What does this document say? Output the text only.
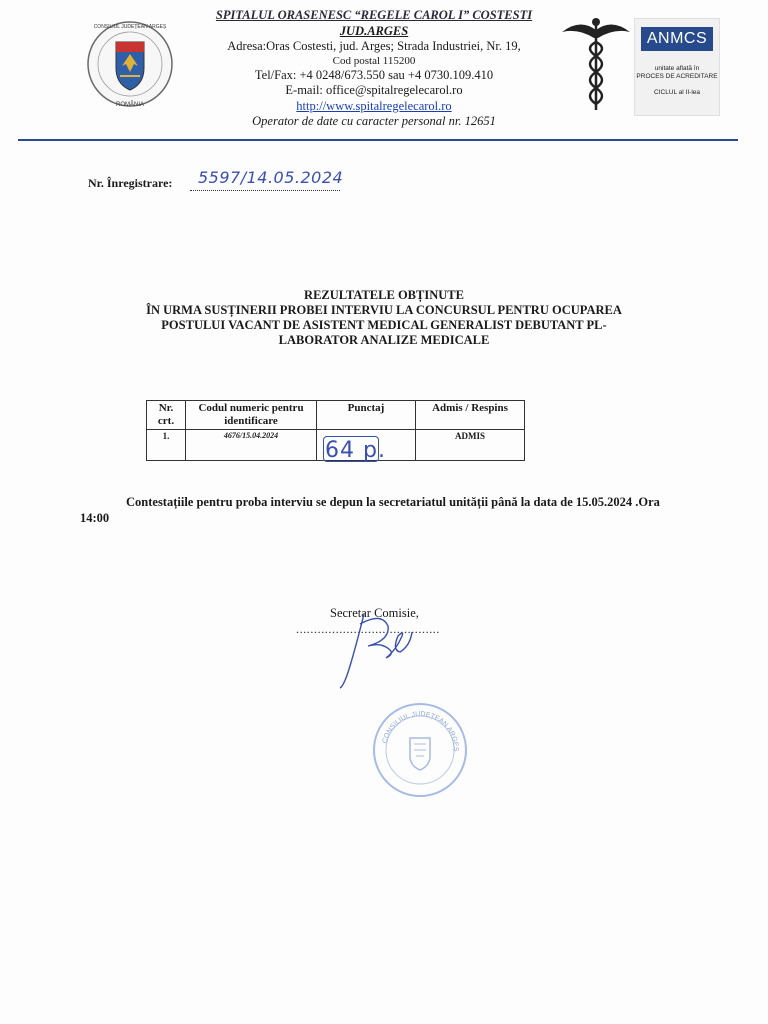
ROMÂNIA
CONSILIUL JUDEȚEAN ARGEȘ
SPITALUL ORASENESC “REGELE CAROL I” COSTESTI
JUD.ARGES
Adresa:Oras Costesti, jud. Arges; Strada Industriei, Nr. 19,
Cod postal 115200
Tel/Fax: +4 0248/673.550 sau +4 0730.109.410
E-mail: office@spitalregelecarol.ro
http://www.spitalregelecarol.ro
Operator de date cu caracter personal nr. 12651
ANMCS
unitate aflată în
PROCES DE ACREDITARE
CICLUL al II-lea
Nr. Înregistrare: 5597/14.05.2024
REZULTATELE OBȚINUTE
ÎN URMA SUSȚINERII PROBEI INTERVIU LA CONCURSUL PENTRU OCUPAREA
POSTULUI VACANT DE ASISTENT MEDICAL GENERALIST DEBUTANT PL-
LABORATOR ANALIZE MEDICALE
Nr. crt.	Codul numeric pentru identificare	Punctaj	Admis / Respins
1.	4676/15.04.2024	64 p.	ADMIS
Contestațiile pentru proba interviu se depun la secretariatul unității până la data de 15.05.2024 .Ora 14:00
Secretar Comisie,
........................................
CONSILIUL JUDEȚEAN ARGEȘ
